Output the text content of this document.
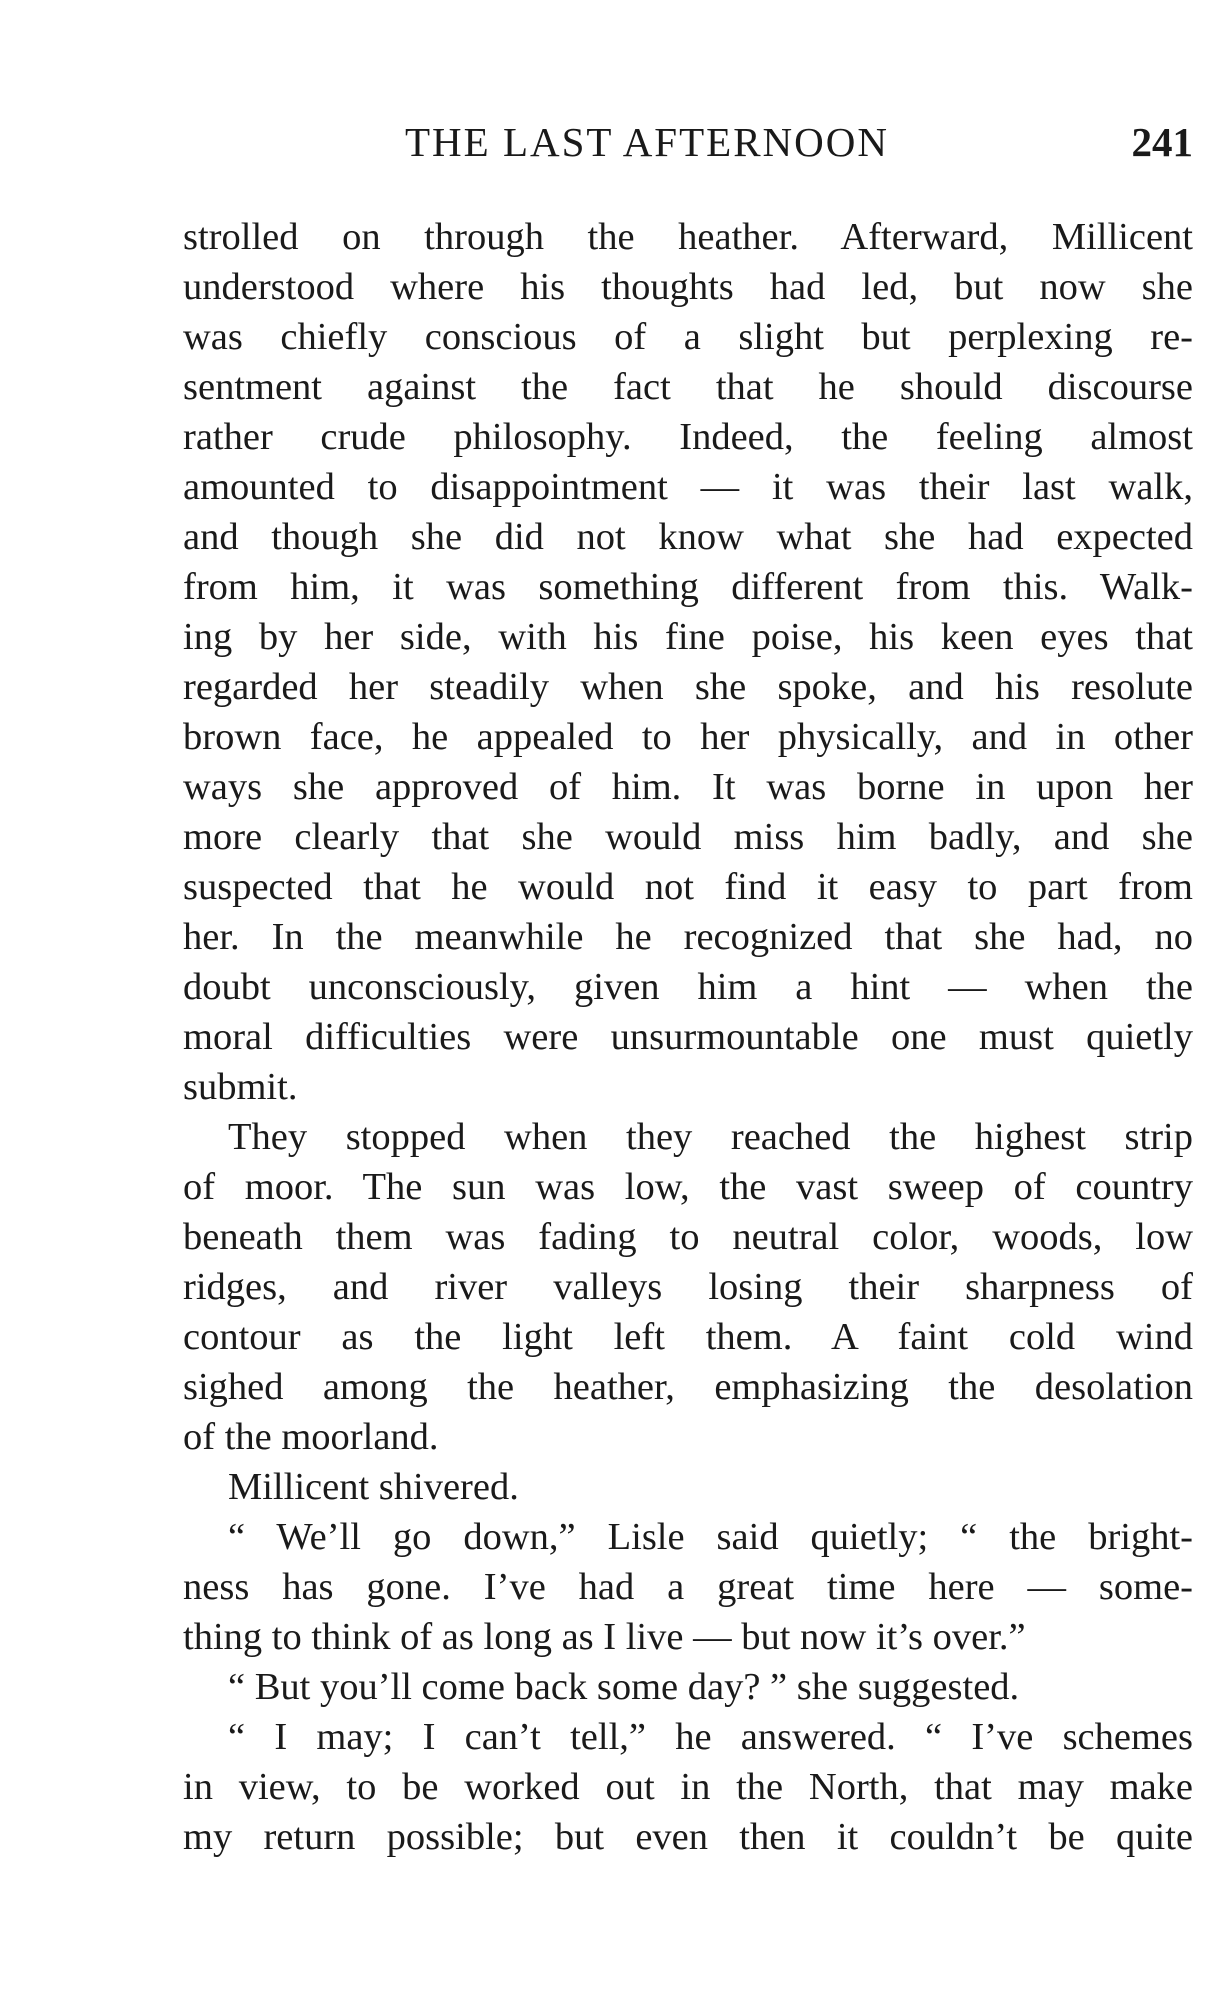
THE LAST AFTERNOON	241
strolled on through the heather. Afterward, Millicent
understood where his thoughts had led, but now she
was chiefly conscious of a slight but perplexing re-
sentment against the fact that he should discourse
rather crude philosophy. Indeed, the feeling almost
amounted to disappointment — it was their last walk,
and though she did not know what she had expected
from him, it was something different from this. Walk-
ing by her side, with his fine poise, his keen eyes that
regarded her steadily when she spoke, and his resolute
brown face, he appealed to her physically, and in other
ways she approved of him. It was borne in upon her
more clearly that she would miss him badly, and she
suspected that he would not find it easy to part from
her. In the meanwhile he recognized that she had, no
doubt unconsciously, given him a hint — when the
moral difficulties were unsurmountable one must quietly
submit.
They stopped when they reached the highest strip
of moor. The sun was low, the vast sweep of country
beneath them was fading to neutral color, woods, low
ridges, and river valleys losing their sharpness of
contour as the light left them. A faint cold wind
sighed among the heather, emphasizing the desolation
of the moorland.
Millicent shivered.
“ We’ll go down,” Lisle said quietly; “ the bright-
ness has gone. I’ve had a great time here — some-
thing to think of as long as I live — but now it’s over.”
“ But you’ll come back some day? ” she suggested.
“ I may; I can’t tell,” he answered. “ I’ve schemes
in view, to be worked out in the North, that may make
my return possible; but even then it couldn’t be quite
